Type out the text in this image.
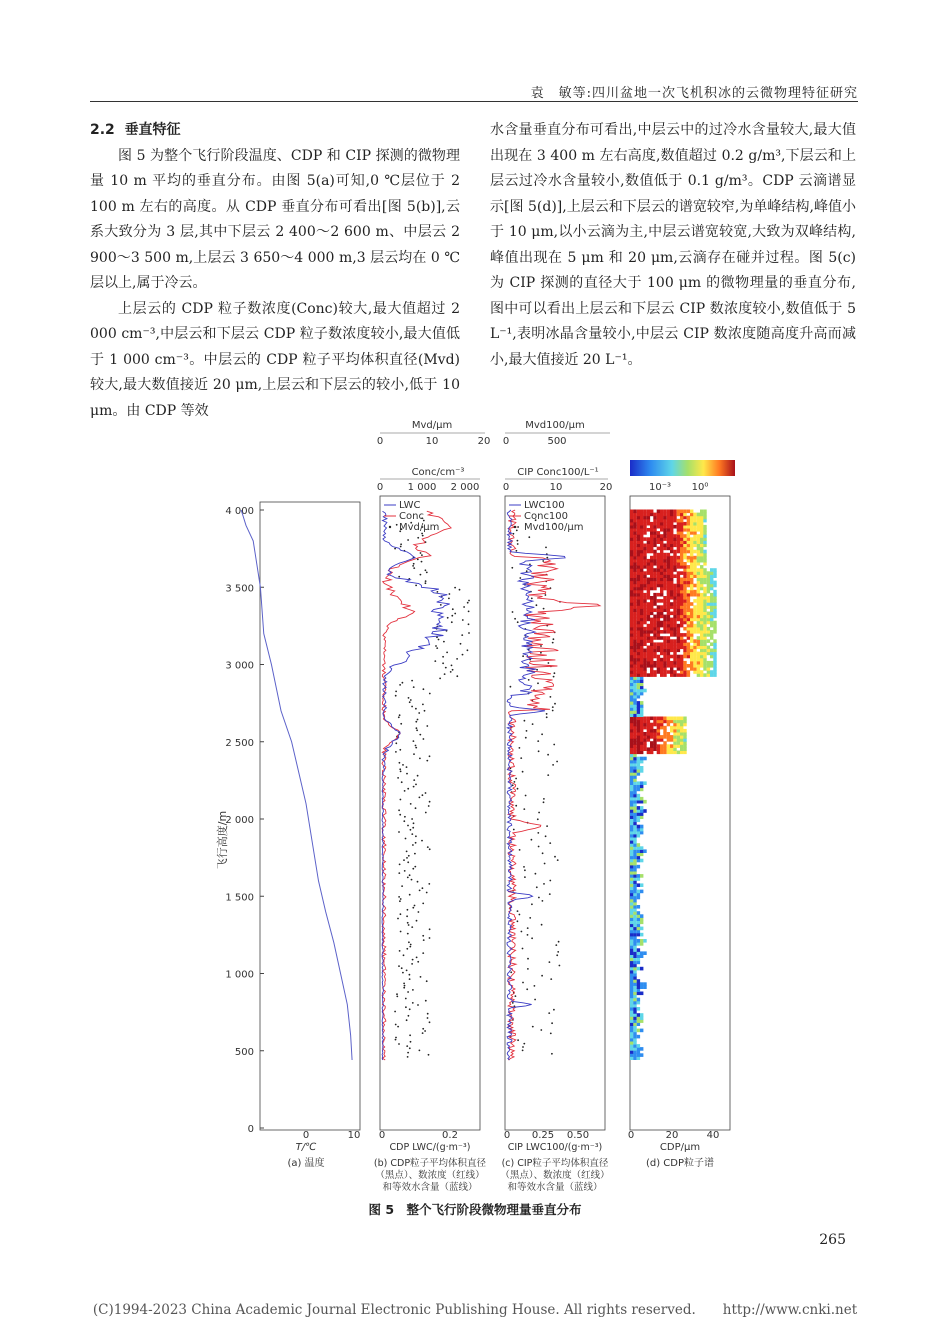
袁　敏等:四川盆地一次飞机积冰的云微物理特征研究

2.2 垂直特征

图 5 为整个飞行阶段温度、CDP 和 CIP 探测的微物理量 10 m 平均的垂直分布。由图 5(a)可知,0 ℃层位于 2 100 m 左右的高度。从 CDP 垂直分布可看出[图 5(b)],云系大致分为 3 层,其中下层云 2 400～2 600 m、中层云 2 900～3 500 m,上层云 3 650～4 000 m,3 层云均在 0 ℃层以上,属于冷云。

上层云的 CDP 粒子数浓度(Conc)较大,最大值超过 2 000 cm⁻³,中层云和下层云 CDP 粒子数浓度较小,最大值低于 1 000 cm⁻³。中层云的 CDP 粒子平均体积直径(Mvd)较大,最大数值接近 20 μm,上层云和下层云的较小,低于 10 μm。由 CDP 等效

水含量垂直分布可看出,中层云中的过冷水含量较大,最大值出现在 3 400 m 左右高度,数值超过 0.2 g/m³,下层云和上层云过冷水含量较小,数值低于 0.1 g/m³。CDP 云滴谱显示[图 5(d)],上层云和下层云的谱宽较窄,为单峰结构,峰值小于 10 μm,以小云滴为主,中层云谱宽较宽,大致为双峰结构,峰值出现在 5 μm 和 20 μm,云滴存在碰并过程。图 5(c)为 CIP 探测的直径大于 100 μm 的微物理量的垂直分布,图中可以看出上层云和下层云 CIP 数浓度较小,数值低于 5 L⁻¹,表明冰晶含量较小,中层云 CIP 数浓度随高度升高而减小,最大值接近 20 L⁻¹。

飞行高度/m
0
500
1 000
1 500
2 000
2 500
3 000
3 500
4 000
0	10
T/℃
(a) 温度
Mvd/μm
0	10	20
Conc/cm⁻³
0 1 000 2 000
LWC
Conc
Mvd/μm
0	0.2
CDP LWC/(g·m⁻³)
(b) CDP粒子平均体积直径
（黑点）、数浓度（红线）
和等效水含量（蓝线）
Mvd100/μm
0	500
CIP Conc100/L⁻¹
0	10	20
LWC100
Conc100
Mvd100/μm
0 0.25 0.50
CIP LWC100/(g·m⁻³)
(c) CIP粒子平均体积直径
（黑点）、数浓度（红线）
和等效水含量（蓝线）
10⁻³ 10⁰
0	20	40
CDP/μm
(d) CDP粒子谱
图 5　整个飞行阶段微物理量垂直分布
265
(C)1994-2023 China Academic Journal Electronic Publishing House. All rights reserved.　　http://www.cnki.net
